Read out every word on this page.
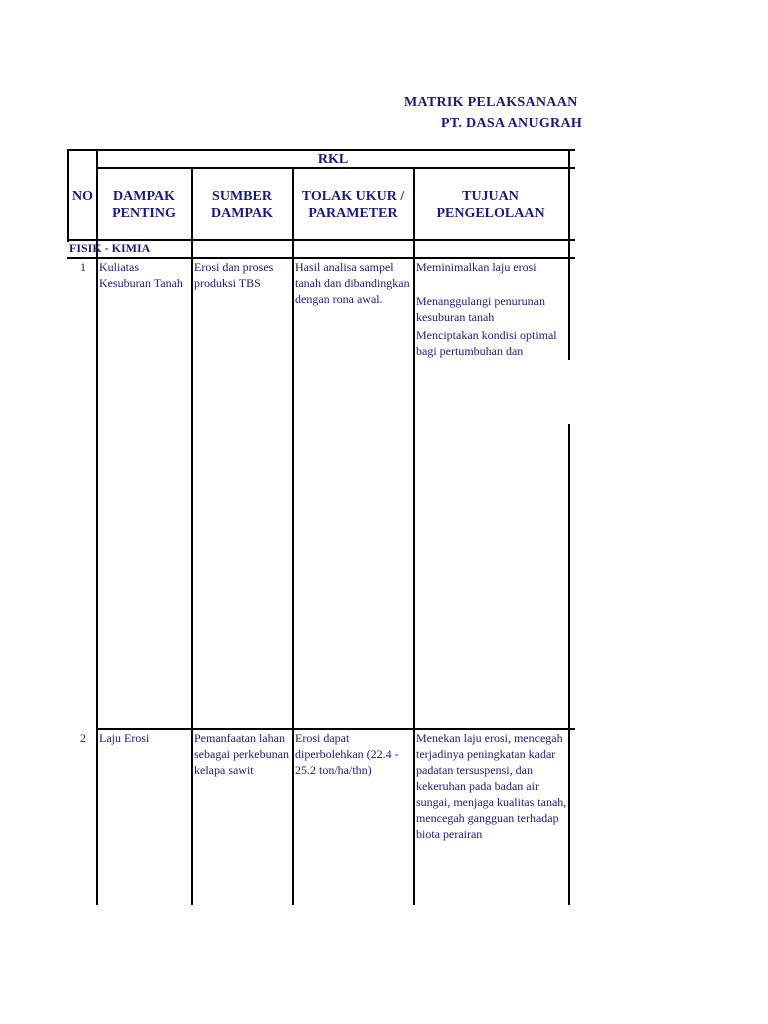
MATRIK PELAKSANAAN
PT. DASA ANUGRAH
RKL
NO	DAMPAK PENTING
SUMBER DAMPAK
TOLAK UKUR / PARAMETER
TUJUAN PENGELOLAAN
FISIK - KIMIA
1 Kuliatas Kesuburan Tanah
Erosi dan proses produksi TBS
Hasil analisa sampel tanah dan dibandingkan dengan rona awal.
Meminimalkan laju erosi
Menanggulangi penurunan kesuburan tanah
Menciptakan kondisi optimal bagi pertumbuhan dan
2 Laju Erosi	Pemanfaatan lahan sebagai perkebunan kelapa sawit
Erosi dapat diperbolehkan (22.4 - 25.2 ton/ha/thn)
Menekan laju erosi, mencegah terjadinya peningkatan kadar padatan tersuspensi, dan kekeruhan pada badan air sungai, menjaga kualitas tanah, mencegah gangguan terhadap biota perairan
